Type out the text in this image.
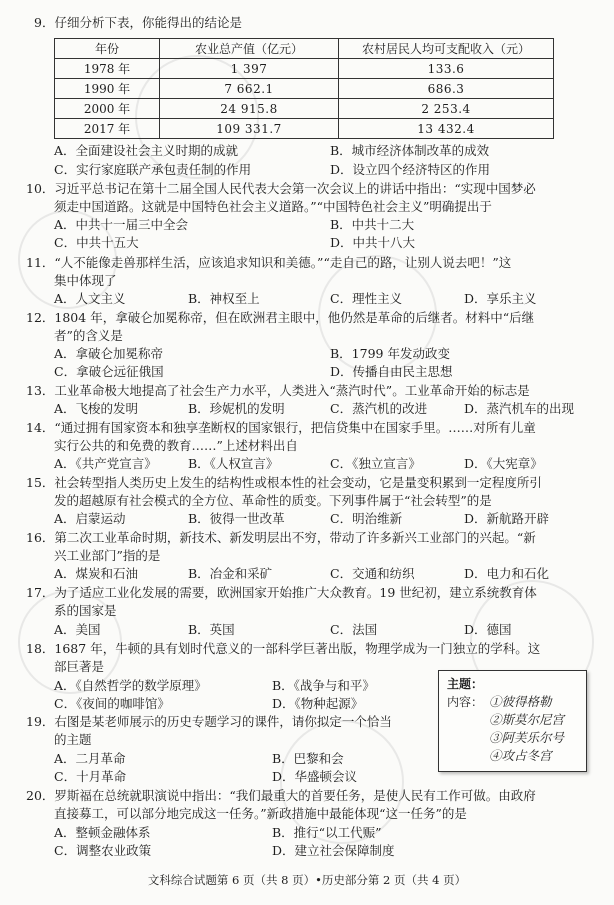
9．仔细分析下表，你能得出的结论是
年份	农业总产值（亿元）	农村居民人均可支配收入（元）
1978 年	1 397	133.6
1990 年	7 662.1	686.3
2000 年	24 915.8	2 253.4
2017 年	109 331.7	13 432.4
A．全面建设社会主义时期的成就	B．城市经济体制改革的成效
C．实行家庭联产承包责任制的作用	D．设立四个经济特区的作用
10．习近平总书记在第十二届全国人民代表大会第一次会议上的讲话中指出：“实现中国梦必
须走中国道路。这就是中国特色社会主义道路。”“中国特色社会主义”明确提出于
A．中共十一届三中全会	B．中共十二大
C．中共十五大	D．中共十八大
11．“人不能像走兽那样生活，应该追求知识和美德。”“走自己的路，让别人说去吧！”这
集中体现了
A．人文主义	B．神权至上	C．理性主义	D．享乐主义
12．1804 年，拿破仑加冕称帝，但在欧洲君主眼中，他仍然是革命的后继者。材料中“后继
者”的含义是
A．拿破仑加冕称帝	B．1799 年发动政变
C．拿破仑远征俄国	D．传播自由民主思想
13．工业革命极大地提高了社会生产力水平，人类进入“蒸汽时代”。工业革命开始的标志是
A．飞梭的发明	B．珍妮机的发明	C．蒸汽机的改进	D．蒸汽机车的出现
14．“通过拥有国家资本和独享垄断权的国家银行，把信贷集中在国家手里。……对所有儿童
实行公共的和免费的教育……”上述材料出自
A．《共产党宣言》 B．《人权宣言》	C．《独立宣言》	D．《大宪章》
15．社会转型指人类历史上发生的结构性或根本性的社会变动，它是量变积累到一定程度所引
发的超越原有社会模式的全方位、革命性的质变。下列事件属于“社会转型”的是
A．启蒙运动	B．彼得一世改革	C．明治维新	D．新航路开辟
16．第二次工业革命时期，新技术、新发明层出不穷，带动了许多新兴工业部门的兴起。“新
兴工业部门”指的是
A．煤炭和石油	B．冶金和采矿	C．交通和纺织	D．电力和石化
17．为了适应工业化发展的需要，欧洲国家开始推广大众教育。19 世纪初，建立系统教育体
系的国家是
A．美国	B．英国	C．法国	D．德国
18．1687 年，牛顿的具有划时代意义的一部科学巨著出版，物理学成为一门独立的学科。这
部巨著是
A．《自然哲学的数学原理》	B．《战争与和平》
C．《夜间的咖啡馆》	D．《物种起源》
19．右图是某老师展示的历史专题学习的课件，请你拟定一个恰当
的主题
A．二月革命	B．巴黎和会
C．十月革命	D．华盛顿会议
20．罗斯福在总统就职演说中指出：“我们最重大的首要任务，是使人民有工作可做。由政府
直接募工，可以部分地完成这一任务。”新政措施中最能体现“这一任务”的是
A．整顿金融体系	B．推行“以工代赈”
C．调整农业政策	D．建立社会保障制度
主题：
内容： ①彼得格勒
②斯莫尔尼宫
③阿芙乐尔号
④攻占冬宫
文科综合试题第 6 页（共 8 页）•历史部分第 2 页（共 4 页）
